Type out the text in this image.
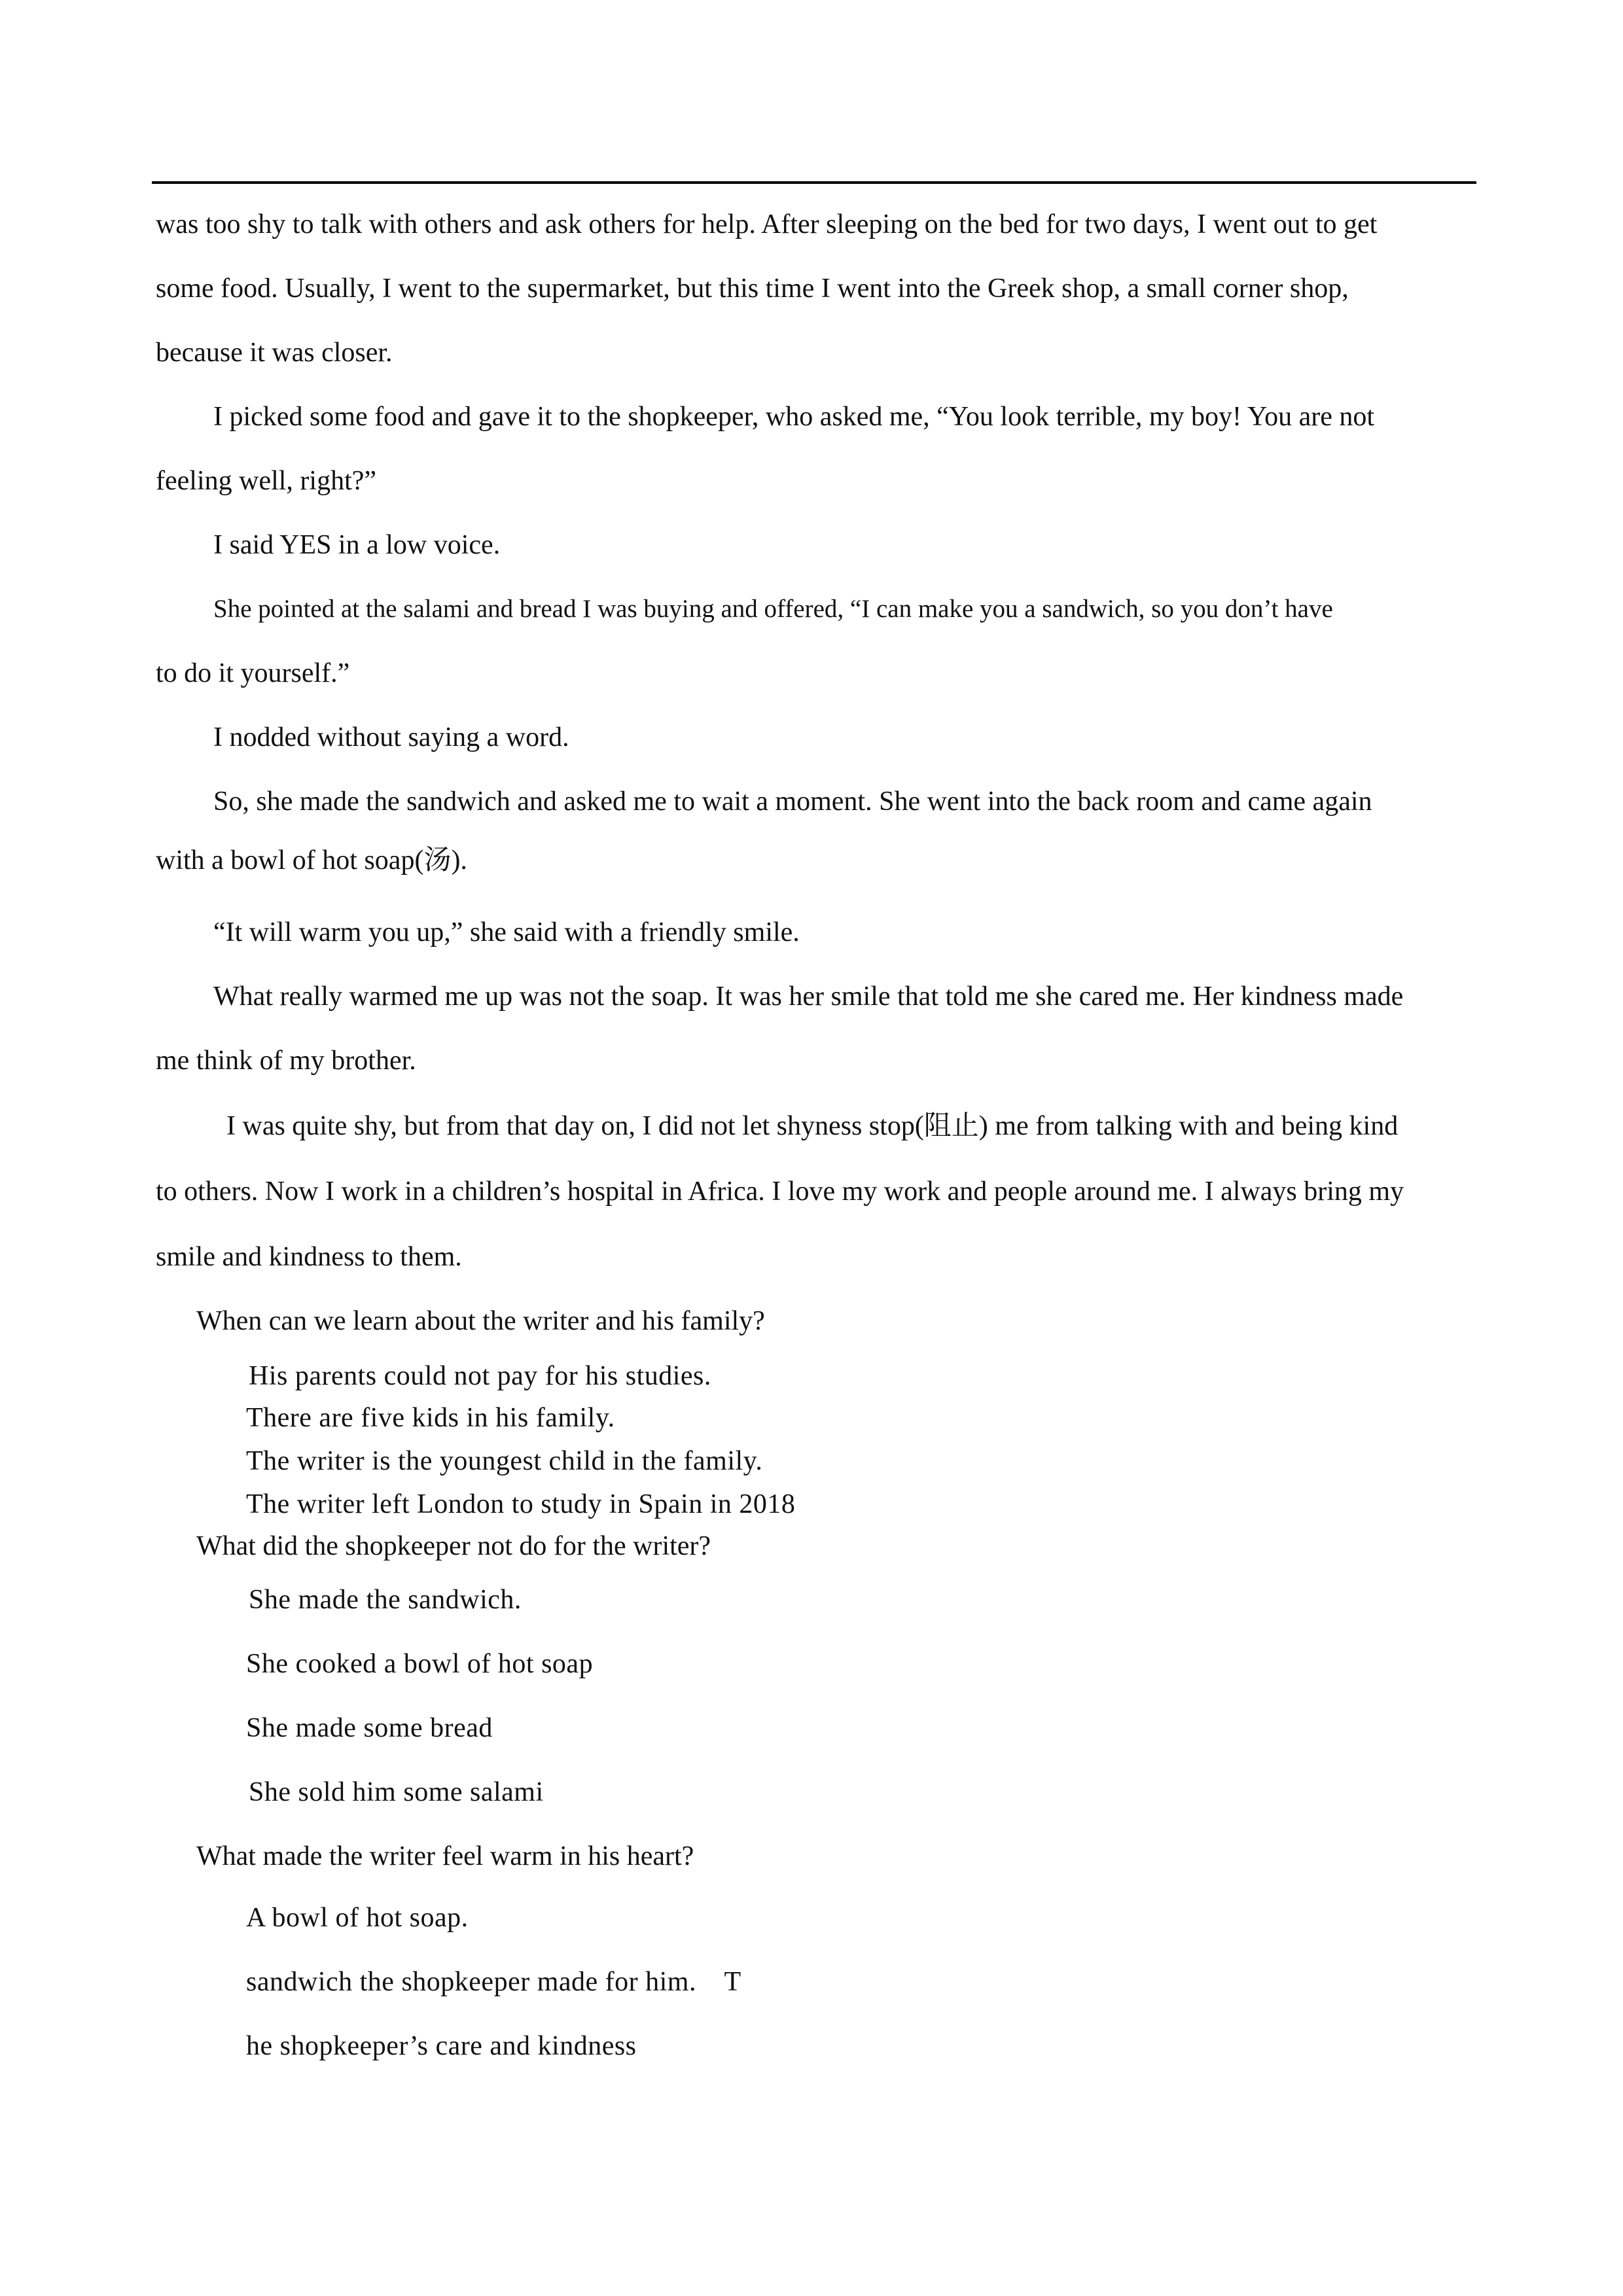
was too shy to talk with others and ask others for help. After sleeping on the bed for two days, I went out to get
some food. Usually, I went to the supermarket, but this time I went into the Greek shop, a small corner shop,
because it was closer.
I picked some food and gave it to the shopkeeper, who asked me, “You look terrible, my boy! You are not
feeling well, right?”
I said YES in a low voice.
She pointed at the salami and bread I was buying and offered, “I can make you a sandwich, so you don’t have
to do it yourself.”
I nodded without saying a word.
So, she made the sandwich and asked me to wait a moment. She went into the back room and came again
with a bowl of hot soap(汤).
“It will warm you up,” she said with a friendly smile.
What really warmed me up was not the soap. It was her smile that told me she cared me. Her kindness made
me think of my brother.
I was quite shy, but from that day on, I did not let shyness stop(阻止) me from talking with and being kind
to others. Now I work in a children’s hospital in Africa. I love my work and people around me. I always bring my
smile and kindness to them.
When can we learn about the writer and his family?
His parents could not pay for his studies.
There are five kids in his family.
The writer is the youngest child in the family.
The writer left London to study in Spain in 2018
What did the shopkeeper not do for the writer?
She made the sandwich.
She cooked a bowl of hot soap
She made some bread
She sold him some salami
What made the writer feel warm in his heart?
A bowl of hot soap.
sandwich the shopkeeper made for him.　T
he shopkeeper’s care and kindness
